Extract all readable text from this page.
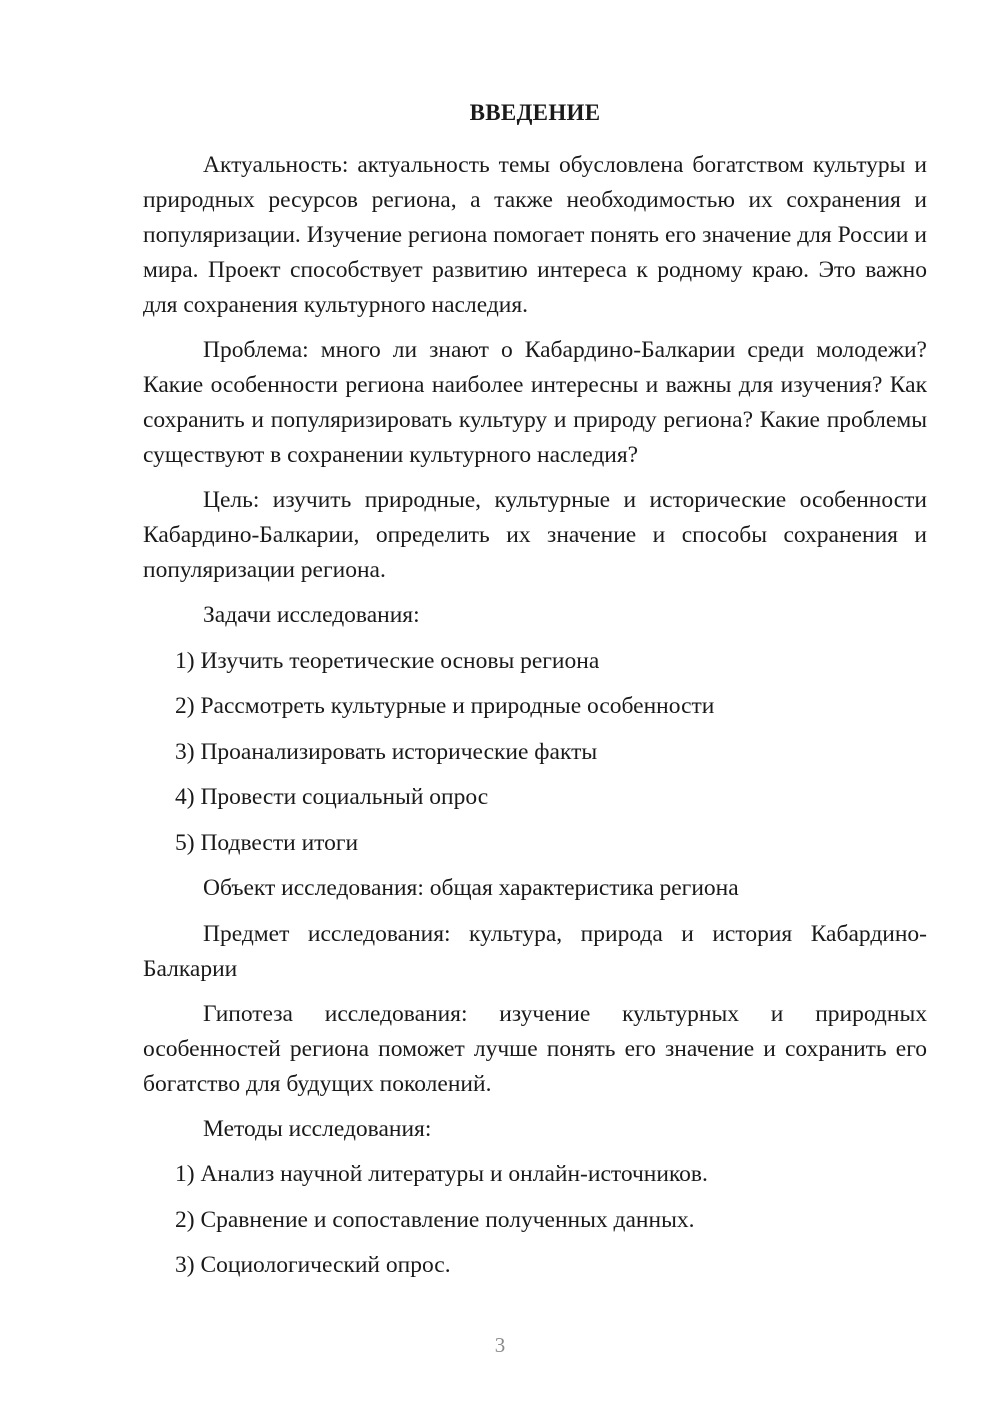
ВВЕДЕНИЕ

Актуальность: актуальность темы обусловлена богатством культуры и природных ресурсов региона, а также необходимостью их сохранения и популяризации. Изучение региона помогает понять его значение для России и мира. Проект способствует развитию интереса к родному краю. Это важно для сохранения культурного наследия.

Проблема: много ли знают о Кабардино-Балкарии среди молодежи? Какие особенности региона наиболее интересны и важны для изучения? Как сохранить и популяризировать культуру и природу региона? Какие проблемы существуют в сохранении культурного наследия?

Цель: изучить природные, культурные и исторические особенности Кабардино-Балкарии, определить их значение и способы сохранения и популяризации региона.

Задачи исследования:
1) Изучить теоретические основы региона
2) Рассмотреть культурные и природные особенности
3) Проанализировать исторические факты
4) Провести социальный опрос
5) Подвести итоги
Объект исследования: общая характеристика региона

Предмет исследования: культура, природа и история Кабардино-Балкарии

Гипотеза исследования: изучение культурных и природных особенностей региона поможет лучше понять его значение и сохранить его богатство для будущих поколений.

Методы исследования:
1) Анализ научной литературы и онлайн-источников.
2) Сравнение и сопоставление полученных данных.
3) Социологический опрос.
3
